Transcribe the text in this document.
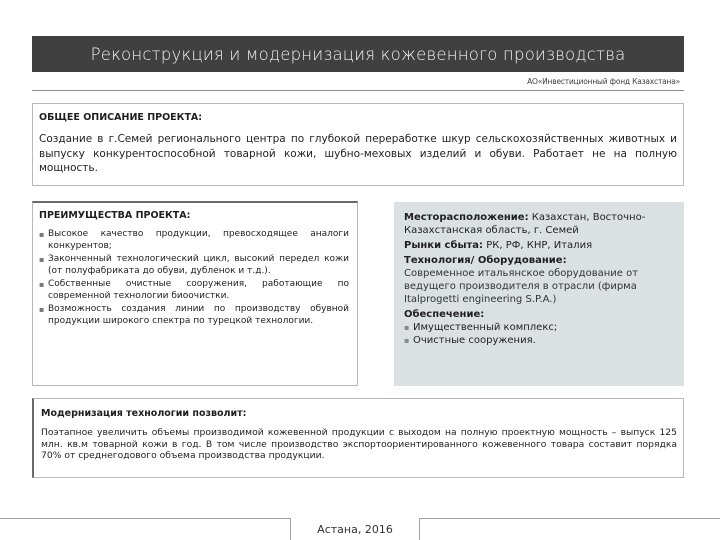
Реконструкция и модернизация кожевенного производства
АО«Инвестиционный фонд Казахстана»
ОБЩЕЕ ОПИСАНИЕ ПРОЕКТА:
Создание в г.Семей регионального центра по глубокой переработке шкур сельскохозяйственных животных и выпуску конкурентоспособной товарной кожи, шубно-меховых изделий и обуви. Работает не на полную мощность.
ПРЕИМУЩЕСТВА ПРОЕКТА:
▪ Высокое качество продукции, превосходящее аналоги конкурентов;
▪ Законченный технологический цикл, высокий передел кожи (от полуфабриката до обуви, дубленок и т.д.).
▪ Собственные очистные сооружения, работающие по современной технологии биоочистки.
▪ Возможность создания линии по производству обувной продукции широкого спектра по турецкой технологии.

Месторасположение: Казахстан, Восточно-Казахстанская область, г. Семей

Рынки сбыта: РК, РФ, КНР, Италия

Технология/ Оборудование:

Современное итальянское оборудование от ведущего производителя в отрасли (фирма Italprogetti engineering S.P.A.)

Обеспечение:

▪ Имущественный комплекс;

▪ Очистные сооружения.

Модернизация технологии позволит:
Поэтапное увеличить объемы производимой кожевенной продукции с выходом на полную проектную мощность – выпуск 125 млн. кв.м товарной кожи в год. В том числе производство экспортоориентированного кожевенного товара составит порядка 70% от среднегодового объема производства продукции.
Астана, 2016
